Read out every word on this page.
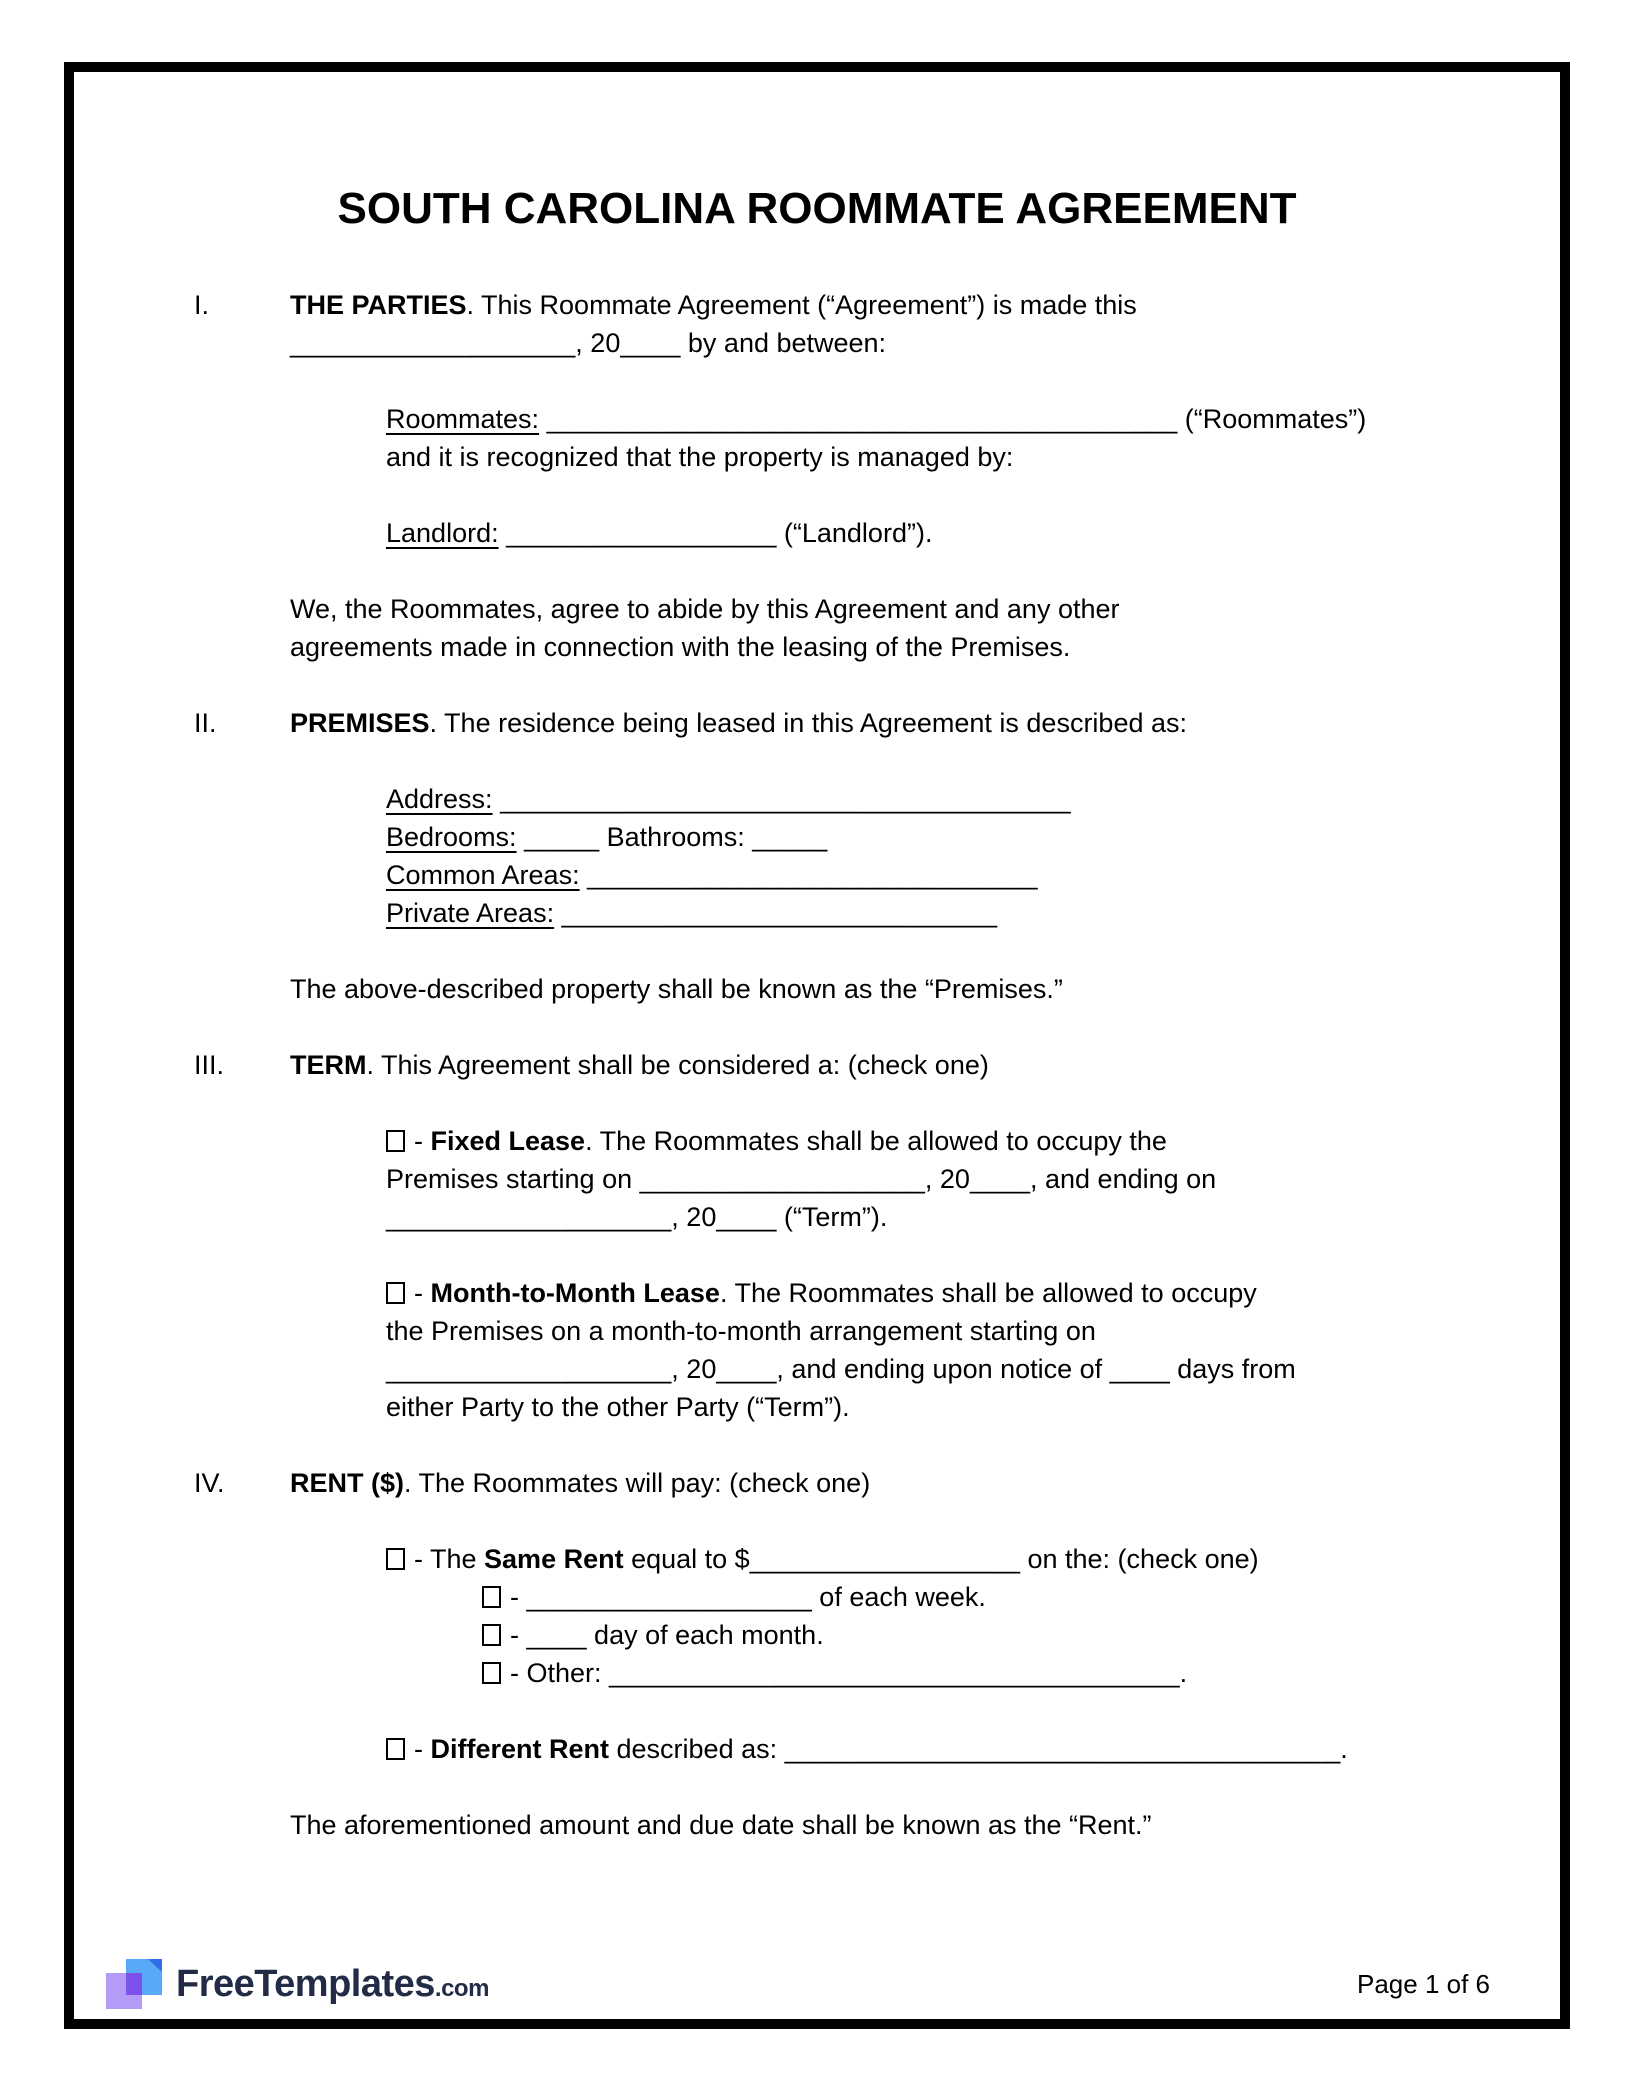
SOUTH CAROLINA ROOMMATE AGREEMENT
I.	THE PARTIES. This Roommate Agreement (“Agreement”) is made this
___________________, 20____ by and between:
Roommates: __________________________________________ (“Roommates”)
and it is recognized that the property is managed by:
Landlord: __________________ (“Landlord”).
We, the Roommates, agree to abide by this Agreement and any other
agreements made in connection with the leasing of the Premises.
II.	PREMISES. The residence being leased in this Agreement is described as:
Address: ______________________________________
Bedrooms: _____ Bathrooms: _____
Common Areas: ______________________________
Private Areas: _____________________________
The above-described property shall be known as the “Premises.”
III. TERM. This Agreement shall be considered a: (check one)
- Fixed Lease. The Roommates shall be allowed to occupy the
Premises starting on ___________________, 20____, and ending on
___________________, 20____ (“Term”).
- Month-to-Month Lease. The Roommates shall be allowed to occupy
the Premises on a month-to-month arrangement starting on
___________________, 20____, and ending upon notice of ____ days from
either Party to the other Party (“Term”).
IV. RENT ($). The Roommates will pay: (check one)
- The Same Rent equal to $__________________ on the: (check one)
- ___________________ of each week.
- ____ day of each month.
- Other: ______________________________________.
- Different Rent described as: _____________________________________.
The aforementioned amount and due date shall be known as the “Rent.”
FreeTemplates.com	Page 1 of 6
